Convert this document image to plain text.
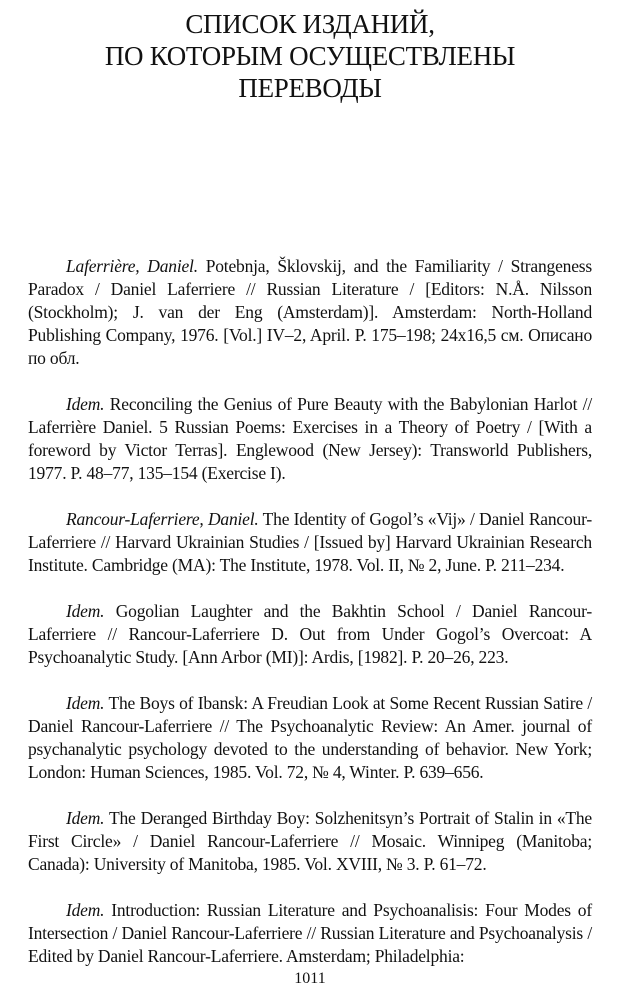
СПИСОК ИЗДАНИЙ,
ПО КОТОРЫМ ОСУЩЕСТВЛЕНЫ
ПЕРЕВОДЫ

Laferrière, Daniel. Potebnja, Šklovskij, and the Familiarity / Strangeness Paradox / Daniel Laferriere // Russian Literature / [Editors: N.Å. Nilsson (Stockholm); J. van der Eng (Amsterdam)]. Amsterdam: North-Holland Publishing Company, 1976. [Vol.] IV–2, April. P. 175–198; 24x16,5 см. Описано по обл.

Idem. Reconciling the Genius of Pure Beauty with the Babylonian Harlot // Laferrière Daniel. 5 Russian Poems: Exercises in a Theory of Poetry / [With a foreword by Victor Terras]. Englewood (New Jersey): Transworld Publishers, 1977. P. 48–77, 135–154 (Exercise I).

Rancour-Laferriere, Daniel. The Identity of Gogol’s «Vij» / Daniel Rancour-Laferriere // Harvard Ukrainian Studies / [Issued by] Harvard Ukrainian Research Institute. Cambridge (MA): The Institute, 1978. Vol. II, № 2, June. P. 211–234.

Idem. Gogolian Laughter and the Bakhtin School / Daniel Rancour-Laferriere // Rancour-Laferriere D. Out from Under Gogol’s Overcoat: A Psychoanalytic Study. [Ann Arbor (MI)]: Ardis, [1982]. P. 20–26, 223.

Idem. The Boys of Ibansk: A Freudian Look at Some Recent Russian Satire / Daniel Rancour-Laferriere // The Psychoanalytic Review: An Amer. journal of psychanalytic psychology devoted to the understanding of behavior. New York; London: Human Sciences, 1985. Vol. 72, № 4, Winter. P. 639–656.

Idem. The Deranged Birthday Boy: Solzhenitsyn’s Portrait of Stalin in «The First Circle» / Daniel Rancour-Laferriere // Mosaic. Winnipeg (Manitoba; Canada): University of Manitoba, 1985. Vol. XVIII, № 3. P. 61–72.

Idem. Introduction: Russian Literature and Psychoanalisis: Four Modes of Intersection / Daniel Rancour-Laferriere // Russian Literature and Psychoanalysis / Edited by Daniel Rancour-Laferriere. Amsterdam; Philadelphia:

1011
